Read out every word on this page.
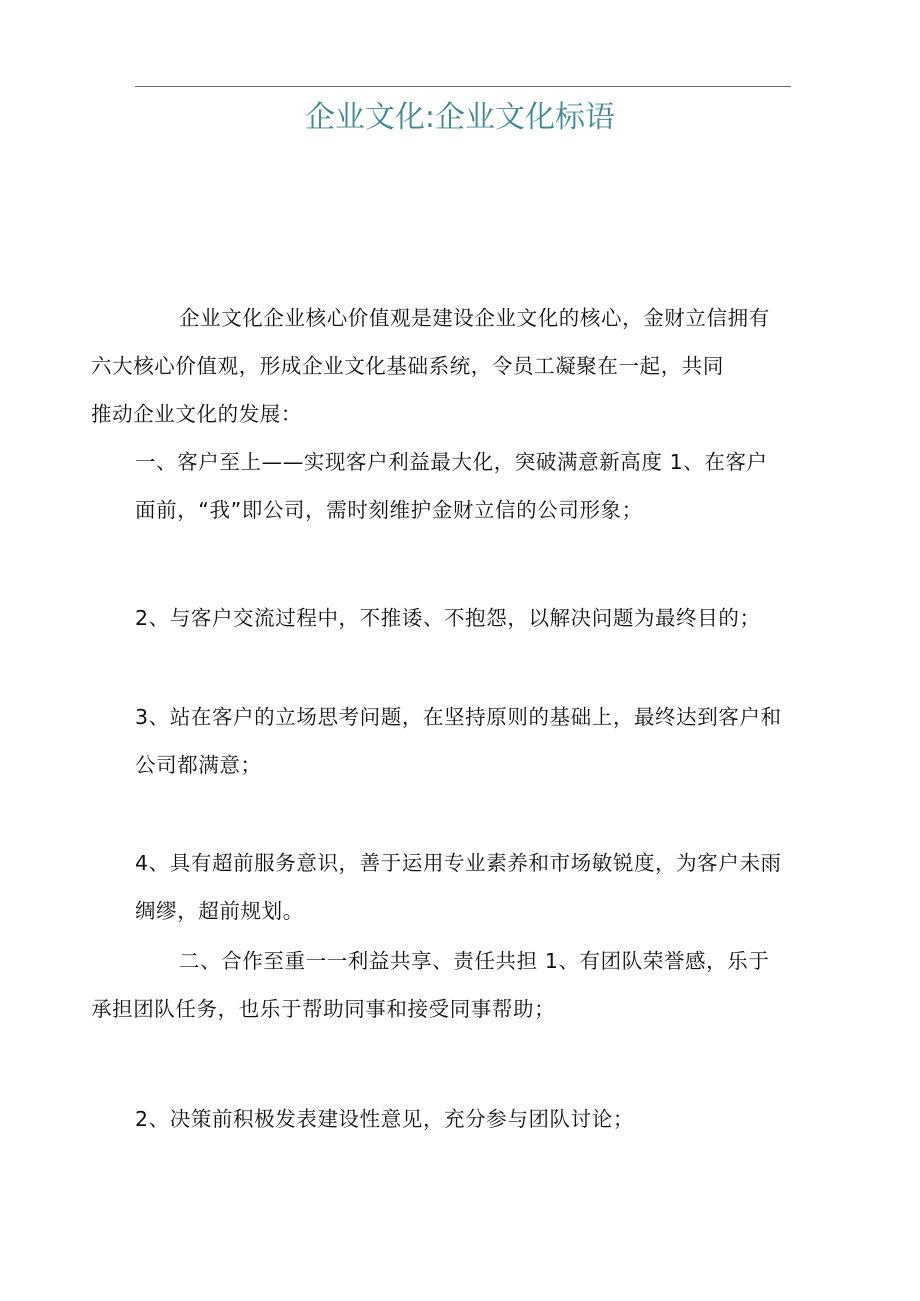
企业文化:企业文化标语
企业文化企业核心价值观是建设企业文化的核心，金财立信拥有
六大核心价值观，形成企业文化基础系统，令员工凝聚在一起，共同
推动企业文化的发展：
一、客户至上——实现客户利益最大化，突破满意新高度 1、在客户
面前，“我”即公司，需时刻维护金财立信的公司形象；
2、与客户交流过程中，不推诿、不抱怨，以解决问题为最终目的；
3、站在客户的立场思考问题，在坚持原则的基础上，最终达到客户和
公司都满意；
4、具有超前服务意识，善于运用专业素养和市场敏锐度，为客户未雨
绸缪，超前规划。
二、合作至重一一利益共享、责任共担 1、有团队荣誉感，乐于
承担团队任务，也乐于帮助同事和接受同事帮助；
2、决策前积极发表建设性意见，充分参与团队讨论；
